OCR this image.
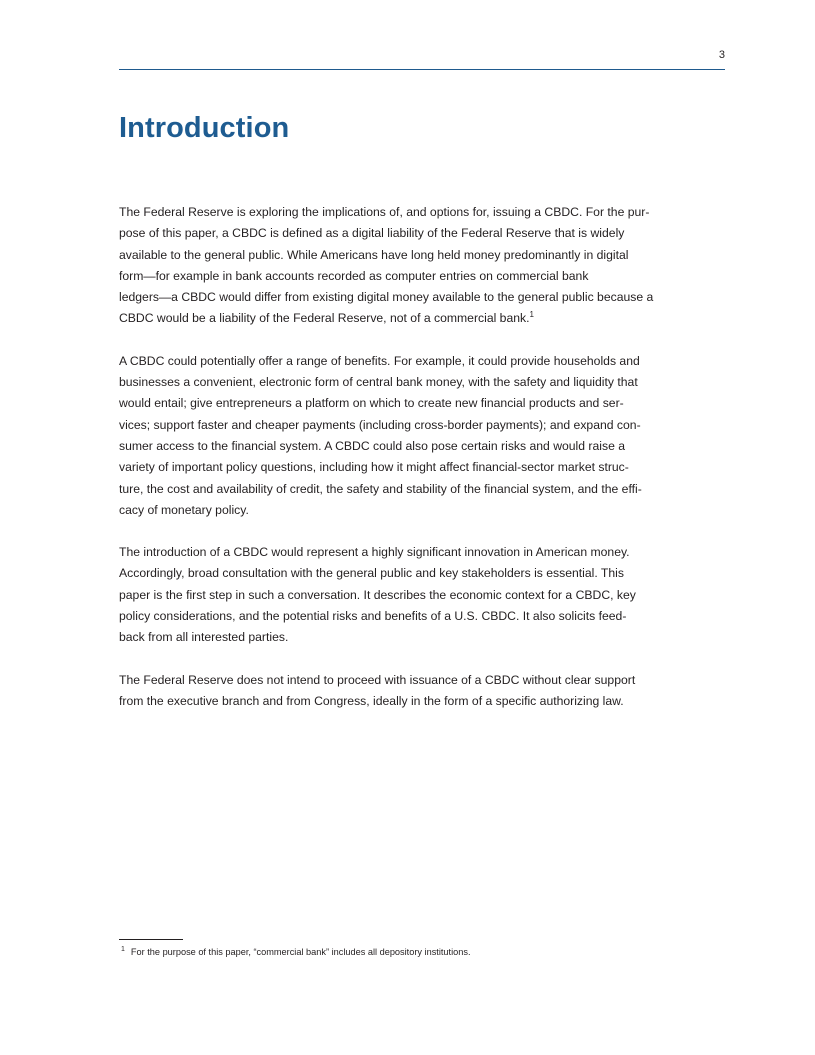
3
Introduction

The Federal Reserve is exploring the implications of, and options for, issuing a CBDC. For the pur-
pose of this paper, a CBDC is defined as a digital liability of the Federal Reserve that is widely
available to the general public. While Americans have long held money predominantly in digital
form—for example in bank accounts recorded as computer entries on commercial bank
ledgers—a CBDC would differ from existing digital money available to the general public because a
CBDC would be a liability of the Federal Reserve, not of a commercial bank.$^1$

A CBDC could potentially offer a range of benefits. For example, it could provide households and
businesses a convenient, electronic form of central bank money, with the safety and liquidity that
would entail; give entrepreneurs a platform on which to create new financial products and ser-
vices; support faster and cheaper payments (including cross-border payments); and expand con-
sumer access to the financial system. A CBDC could also pose certain risks and would raise a
variety of important policy questions, including how it might affect financial-sector market struc-
ture, the cost and availability of credit, the safety and stability of the financial system, and the effi-
cacy of monetary policy.

The introduction of a CBDC would represent a highly significant innovation in American money.
Accordingly, broad consultation with the general public and key stakeholders is essential. This
paper is the first step in such a conversation. It describes the economic context for a CBDC, key
policy considerations, and the potential risks and benefits of a U.S. CBDC. It also solicits feed-
back from all interested parties.

The Federal Reserve does not intend to proceed with issuance of a CBDC without clear support
from the executive branch and from Congress, ideally in the form of a specific authorizing law.

$^1$ For the purpose of this paper, “commercial bank” includes all depository institutions.
